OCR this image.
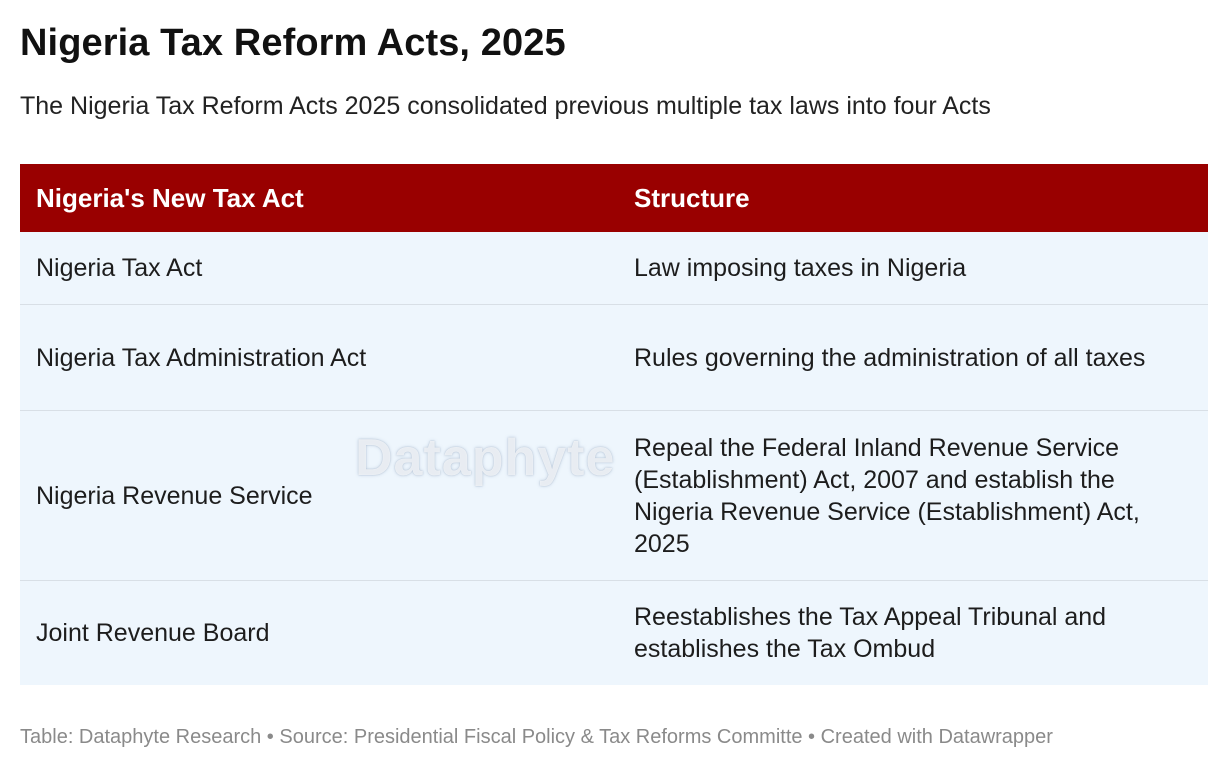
Nigeria Tax Reform Acts, 2025

The Nigeria Tax Reform Acts 2025 consolidated previous multiple tax laws into four Acts

Nigeria's New Tax Act	Structure
Nigeria Tax Act	Law imposing taxes in Nigeria
Nigeria Tax Administration Act	Rules governing the administration of all taxes
Nigeria Revenue Service	Repeal the Federal Inland Revenue Service (Establishment) Act, 2007 and establish the Nigeria Revenue Service (Establishment) Act, 2025
Joint Revenue Board	Reestablishes the Tax Appeal Tribunal and establishes the Tax Ombud
Table: Dataphyte Research • Source: Presidential Fiscal Policy & Tax Reforms Committe • Created with Datawrapper
Dataphyte
